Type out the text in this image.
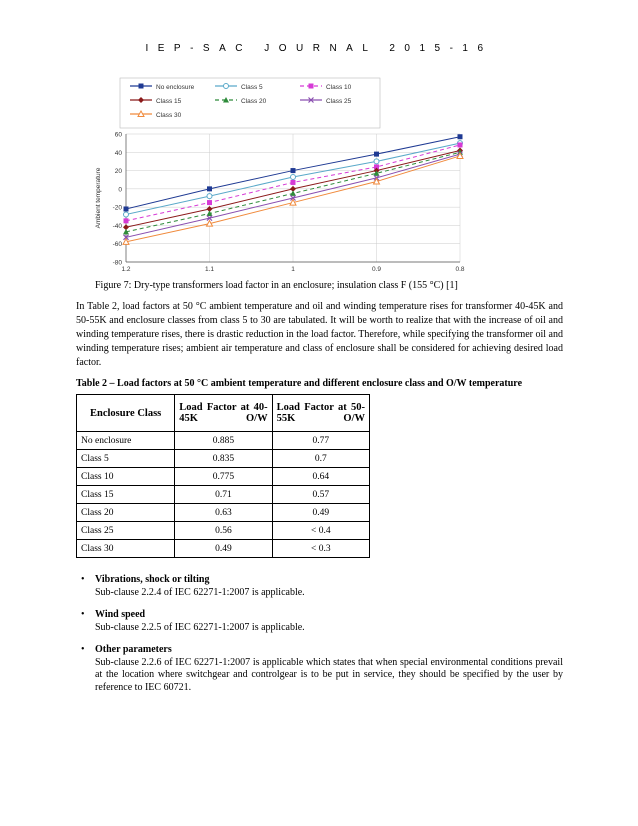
IEP-SAC JOURNAL 2015-16
No enclosure	Class 5	Class 10
Class 15	Class 20	Class 25
Class 30
60
40
20
0
-20
-40
-60
-80
1.2	1.1	1	0.9	0.8
Ambient temperature
Figure 7: Dry-type transformers load factor in an enclosure; insulation class F (155 °C) [1]
In Table 2, load factors at 50 °C ambient temperature and oil and winding temperature rises for transformer 40-45K and 50-55K and enclosure classes from class 5 to 30 are tabulated. It will be worth to realize that with the increase of oil and winding temperature rises, there is drastic reduction in the load factor. Therefore, while specifying the transformer oil and winding temperature rises; ambient air temperature and class of enclosure shall be considered for achieving desired load factor.
Table 2 – Load factors at 50 °C ambient temperature and different enclosure class and O/W temperature
Enclosure Class	Load Factor at 40-45K O/W	Load Factor at 50-55K O/W
No enclosure	0.885	0.77
Class 5	0.835	0.7
Class 10	0.775	0.64
Class 15	0.71	0.57
Class 20	0.63	0.49
Class 25	0.56	< 0.4
Class 30	0.49	< 0.3
• Vibrations, shock or tilting
Sub-clause 2.2.4 of IEC 62271-1:2007 is applicable.
• Wind speed
Sub-clause 2.2.5 of IEC 62271-1:2007 is applicable.
• Other parameters
Sub-clause 2.2.6 of IEC 62271-1:2007 is applicable which states that when special environmental conditions prevail at the location where switchgear and controlgear is to be put in service, they should be specified by the user by reference to IEC 60721.
